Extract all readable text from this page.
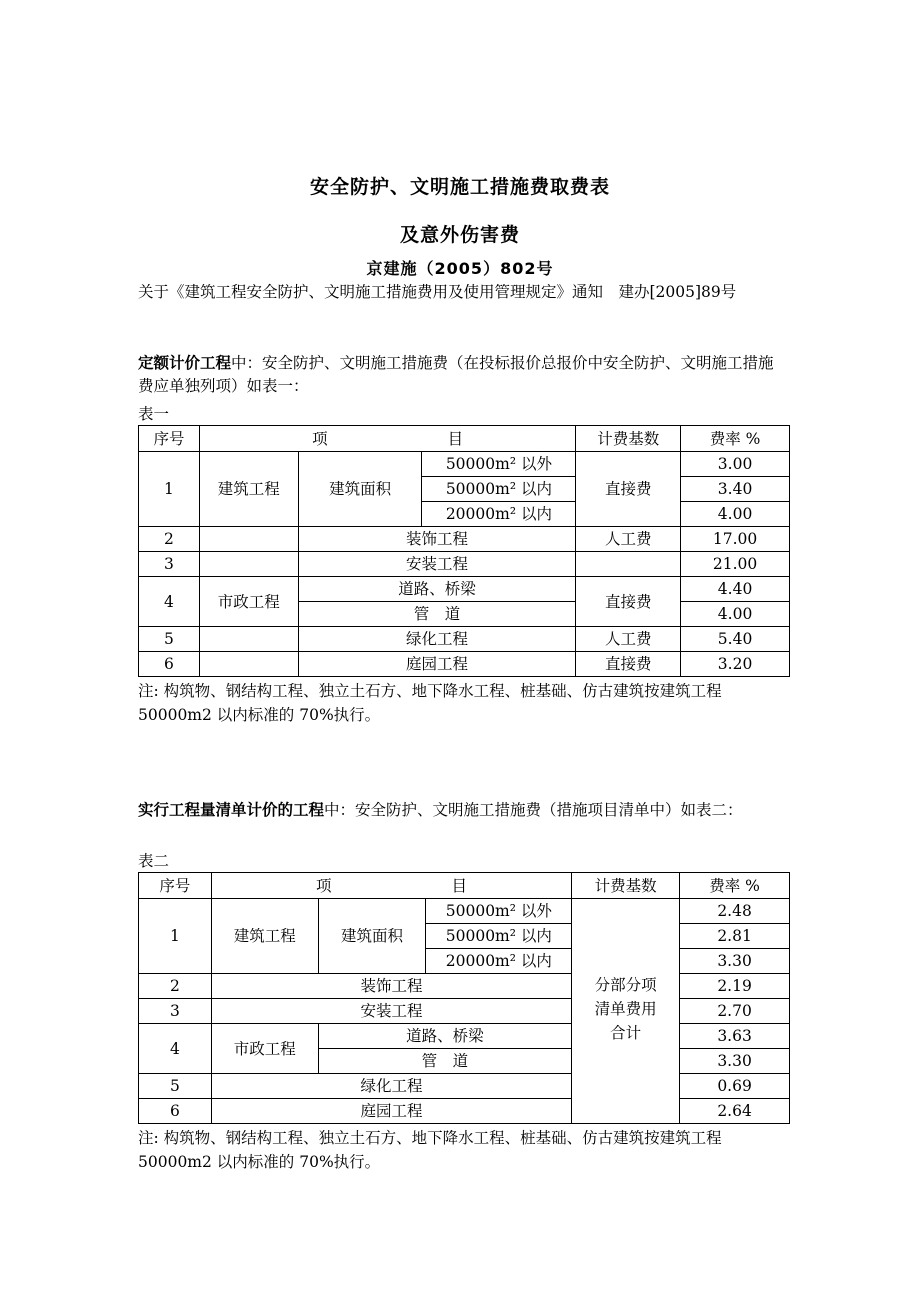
安全防护、文明施工措施费取费表
及意外伤害费
京建施（2005）802号
关于《建筑工程安全防护、文明施工措施费用及使用管理规定》通知　建办[2005]89号
定额计价工程中：安全防护、文明施工措施费（在投标报价总报价中安全防护、文明施工措施费应单独列项）如表一：
表一
序号	项 目			计费基数	费率 %
1	建筑工程	建筑面积	50000m² 以外	直接费	3.00
			50000m² 以内		3.40
			20000m² 以内		4.00
2		装饰工程		人工费	17.00
3		安装工程			21.00
4	市政工程	道路、桥梁		直接费	4.40
		管　道			4.00
5		绿化工程		人工费	5.40
6		庭园工程		直接费	3.20
注: 构筑物、钢结构工程、独立土石方、地下降水工程、桩基础、仿古建筑按建筑工程 50000m2 以内标准的 70%执行。
实行工程量清单计价的工程中：安全防护、文明施工措施费（措施项目清单中）如表二：
表二
序号	项 目			计费基数	费率 %
1	建筑工程	建筑面积	50000m² 以外	分部分项清单费用合计	2.48
			50000m² 以内		2.81
			20000m² 以内		3.30
2	装饰工程				2.19
3	安装工程				2.70
4	市政工程	道路、桥梁			3.63
		管　道			3.30
5	绿化工程				0.69
6	庭园工程				2.64
注: 构筑物、钢结构工程、独立土石方、地下降水工程、桩基础、仿古建筑按建筑工程 50000m2 以内标准的 70%执行。
